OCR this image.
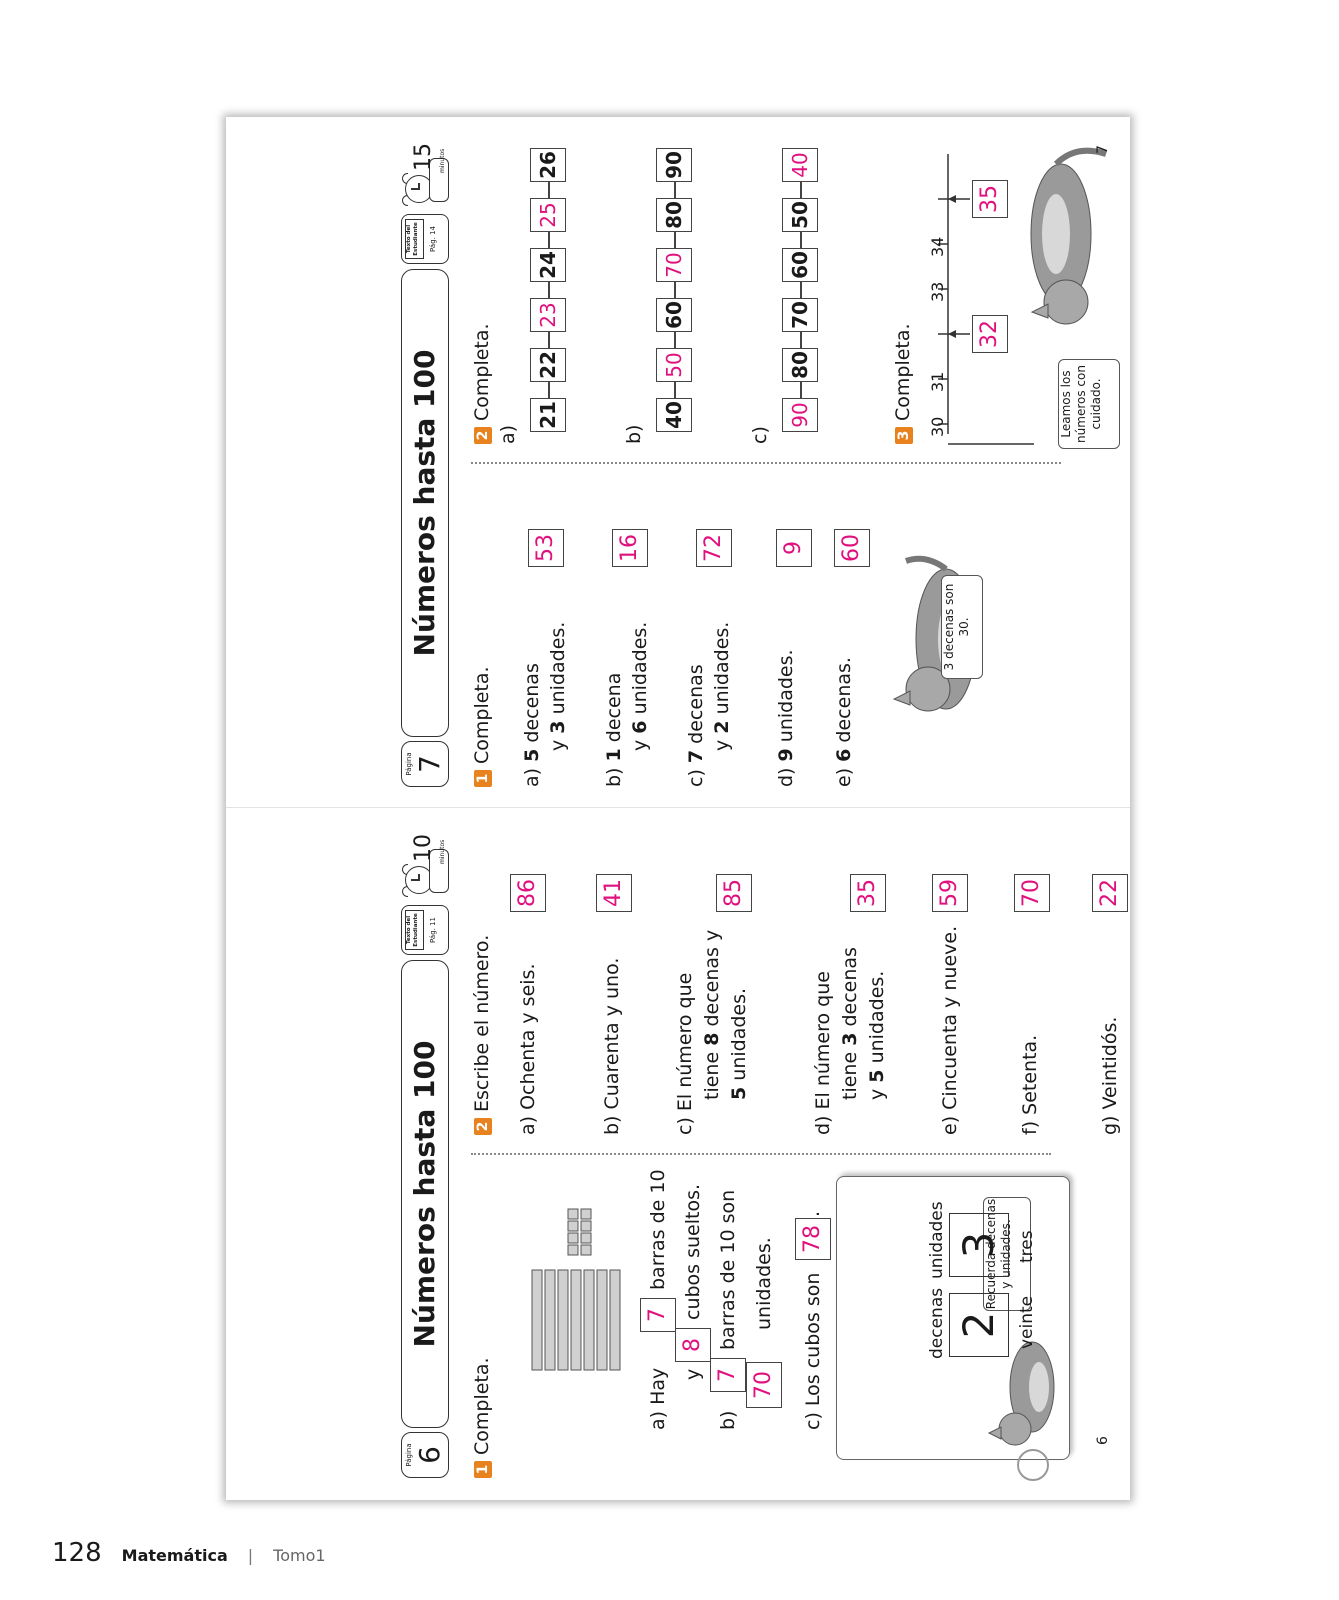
Página 6
Números hasta 100
Texto del Estudiante	Pág. 11
10 minutos
1Completa.	a) Hay
7
barras de 10
y
8
cubos sueltos.
b)
7
barras de 10 son
70
unidades. c) Los cubos son
78
.	Recuerda decenas y unidades.
decenas
unidades
2
3
veinte
tres
6
2Escribe el número. a) Ochenta y seis.
86
b) Cuarenta y uno.
41
c) El número que tiene 8 decenas y
5 unidades.
85
d) El número que tiene 3 decenas
y 5 unidades.
35
e) Cincuenta y nueve.
59
f) Setenta.
70
g) Veintidós.
22
Página 7
Números hasta 100
Texto del Estudiante	Pág. 14
15 minutos
1Completa.
a) 5 decenas y 3 unidades.
53
b) 1 decena y 6 unidades.
16
c) 7 decenas y 2 unidades.
72
d) 9 unidades.
9
e) 6 decenas.
60
3 decenas son 30.
2Completa.
a)
21
22
23
24
25
26
b)
40
50
60
70
80
90
c)
90
80
70
60
50
40
3Completa.
30
31
33
34
32
35
Leamos los números con cuidado.
7
128 Matemática | Tomo1
